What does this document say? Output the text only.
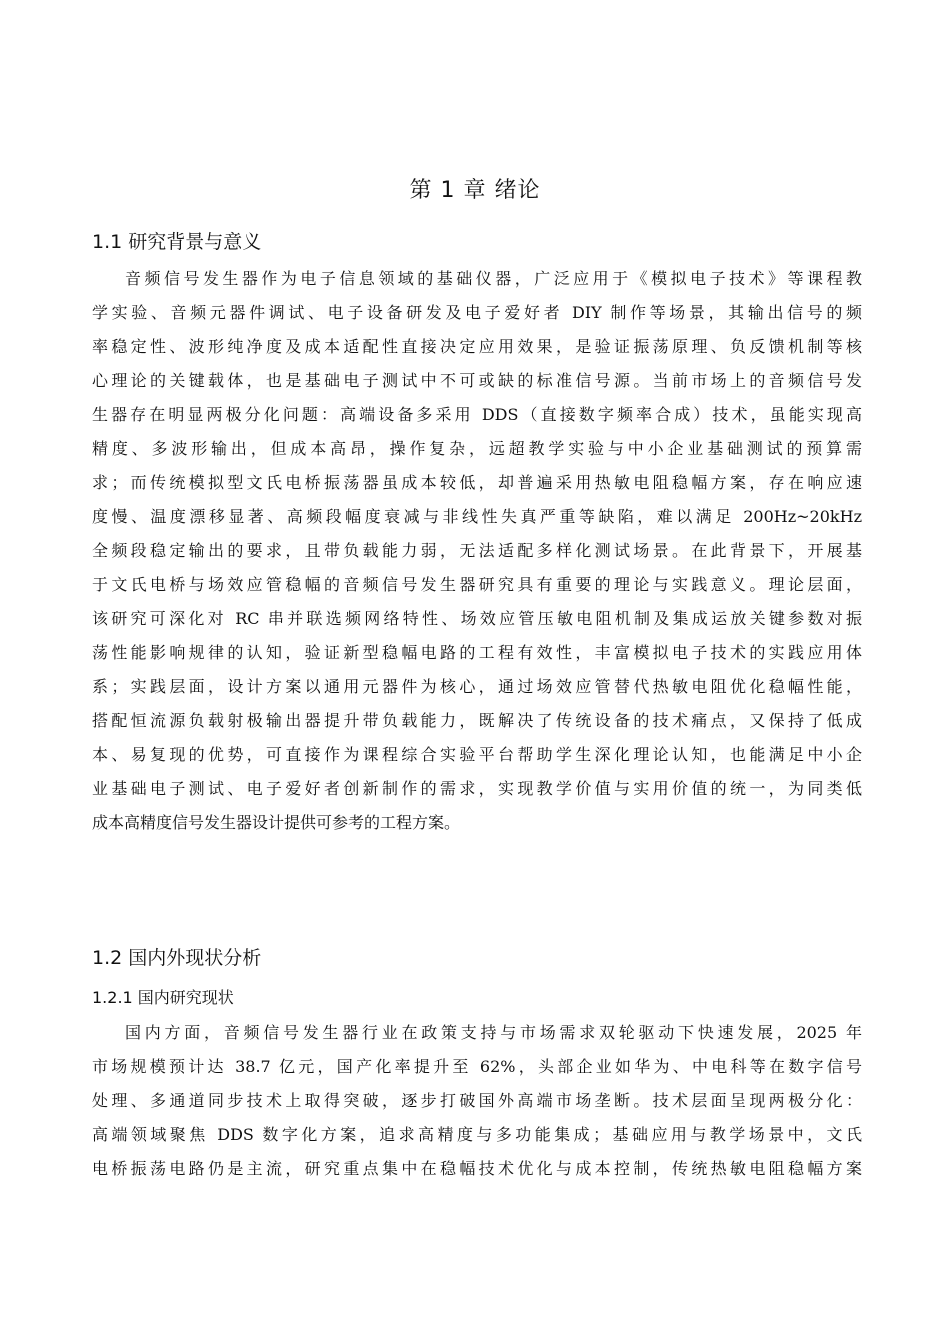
第 1 章 绪论
1.1 研究背景与意义
音频信号发生器作为电子信息领域的基础仪器，广泛应用于《模拟电子技术》等课程教
学实验、音频元器件调试、电子设备研发及电子爱好者 DIY 制作等场景，其输出信号的频
率稳定性、波形纯净度及成本适配性直接决定应用效果，是验证振荡原理、负反馈机制等核
心理论的关键载体，也是基础电子测试中不可或缺的标准信号源。当前市场上的音频信号发
生器存在明显两极分化问题：高端设备多采用 DDS（直接数字频率合成）技术，虽能实现高
精度、多波形输出，但成本高昂，操作复杂，远超教学实验与中小企业基础测试的预算需
求；而传统模拟型文氏电桥振荡器虽成本较低，却普遍采用热敏电阻稳幅方案，存在响应速
度慢、温度漂移显著、高频段幅度衰减与非线性失真严重等缺陷，难以满足 200Hz~20kHz
全频段稳定输出的要求，且带负载能力弱，无法适配多样化测试场景。在此背景下，开展基
于文氏电桥与场效应管稳幅的音频信号发生器研究具有重要的理论与实践意义。理论层面，
该研究可深化对 RC 串并联选频网络特性、场效应管压敏电阻机制及集成运放关键参数对振
荡性能影响规律的认知，验证新型稳幅电路的工程有效性，丰富模拟电子技术的实践应用体
系；实践层面，设计方案以通用元器件为核心，通过场效应管替代热敏电阻优化稳幅性能，
搭配恒流源负载射极输出器提升带负载能力，既解决了传统设备的技术痛点，又保持了低成
本、易复现的优势，可直接作为课程综合实验平台帮助学生深化理论认知，也能满足中小企
业基础电子测试、电子爱好者创新制作的需求，实现教学价值与实用价值的统一，为同类低
成本高精度信号发生器设计提供可参考的工程方案。
1.2 国内外现状分析
1.2.1 国内研究现状
国内方面，音频信号发生器行业在政策支持与市场需求双轮驱动下快速发展，2025 年
市场规模预计达 38.7 亿元，国产化率提升至 62%，头部企业如华为、中电科等在数字信号
处理、多通道同步技术上取得突破，逐步打破国外高端市场垄断。技术层面呈现两极分化：
高端领域聚焦 DDS 数字化方案，追求高精度与多功能集成；基础应用与教学场景中，文氏
电桥振荡电路仍是主流，研究重点集中在稳幅技术优化与成本控制，传统热敏电阻稳幅方案
